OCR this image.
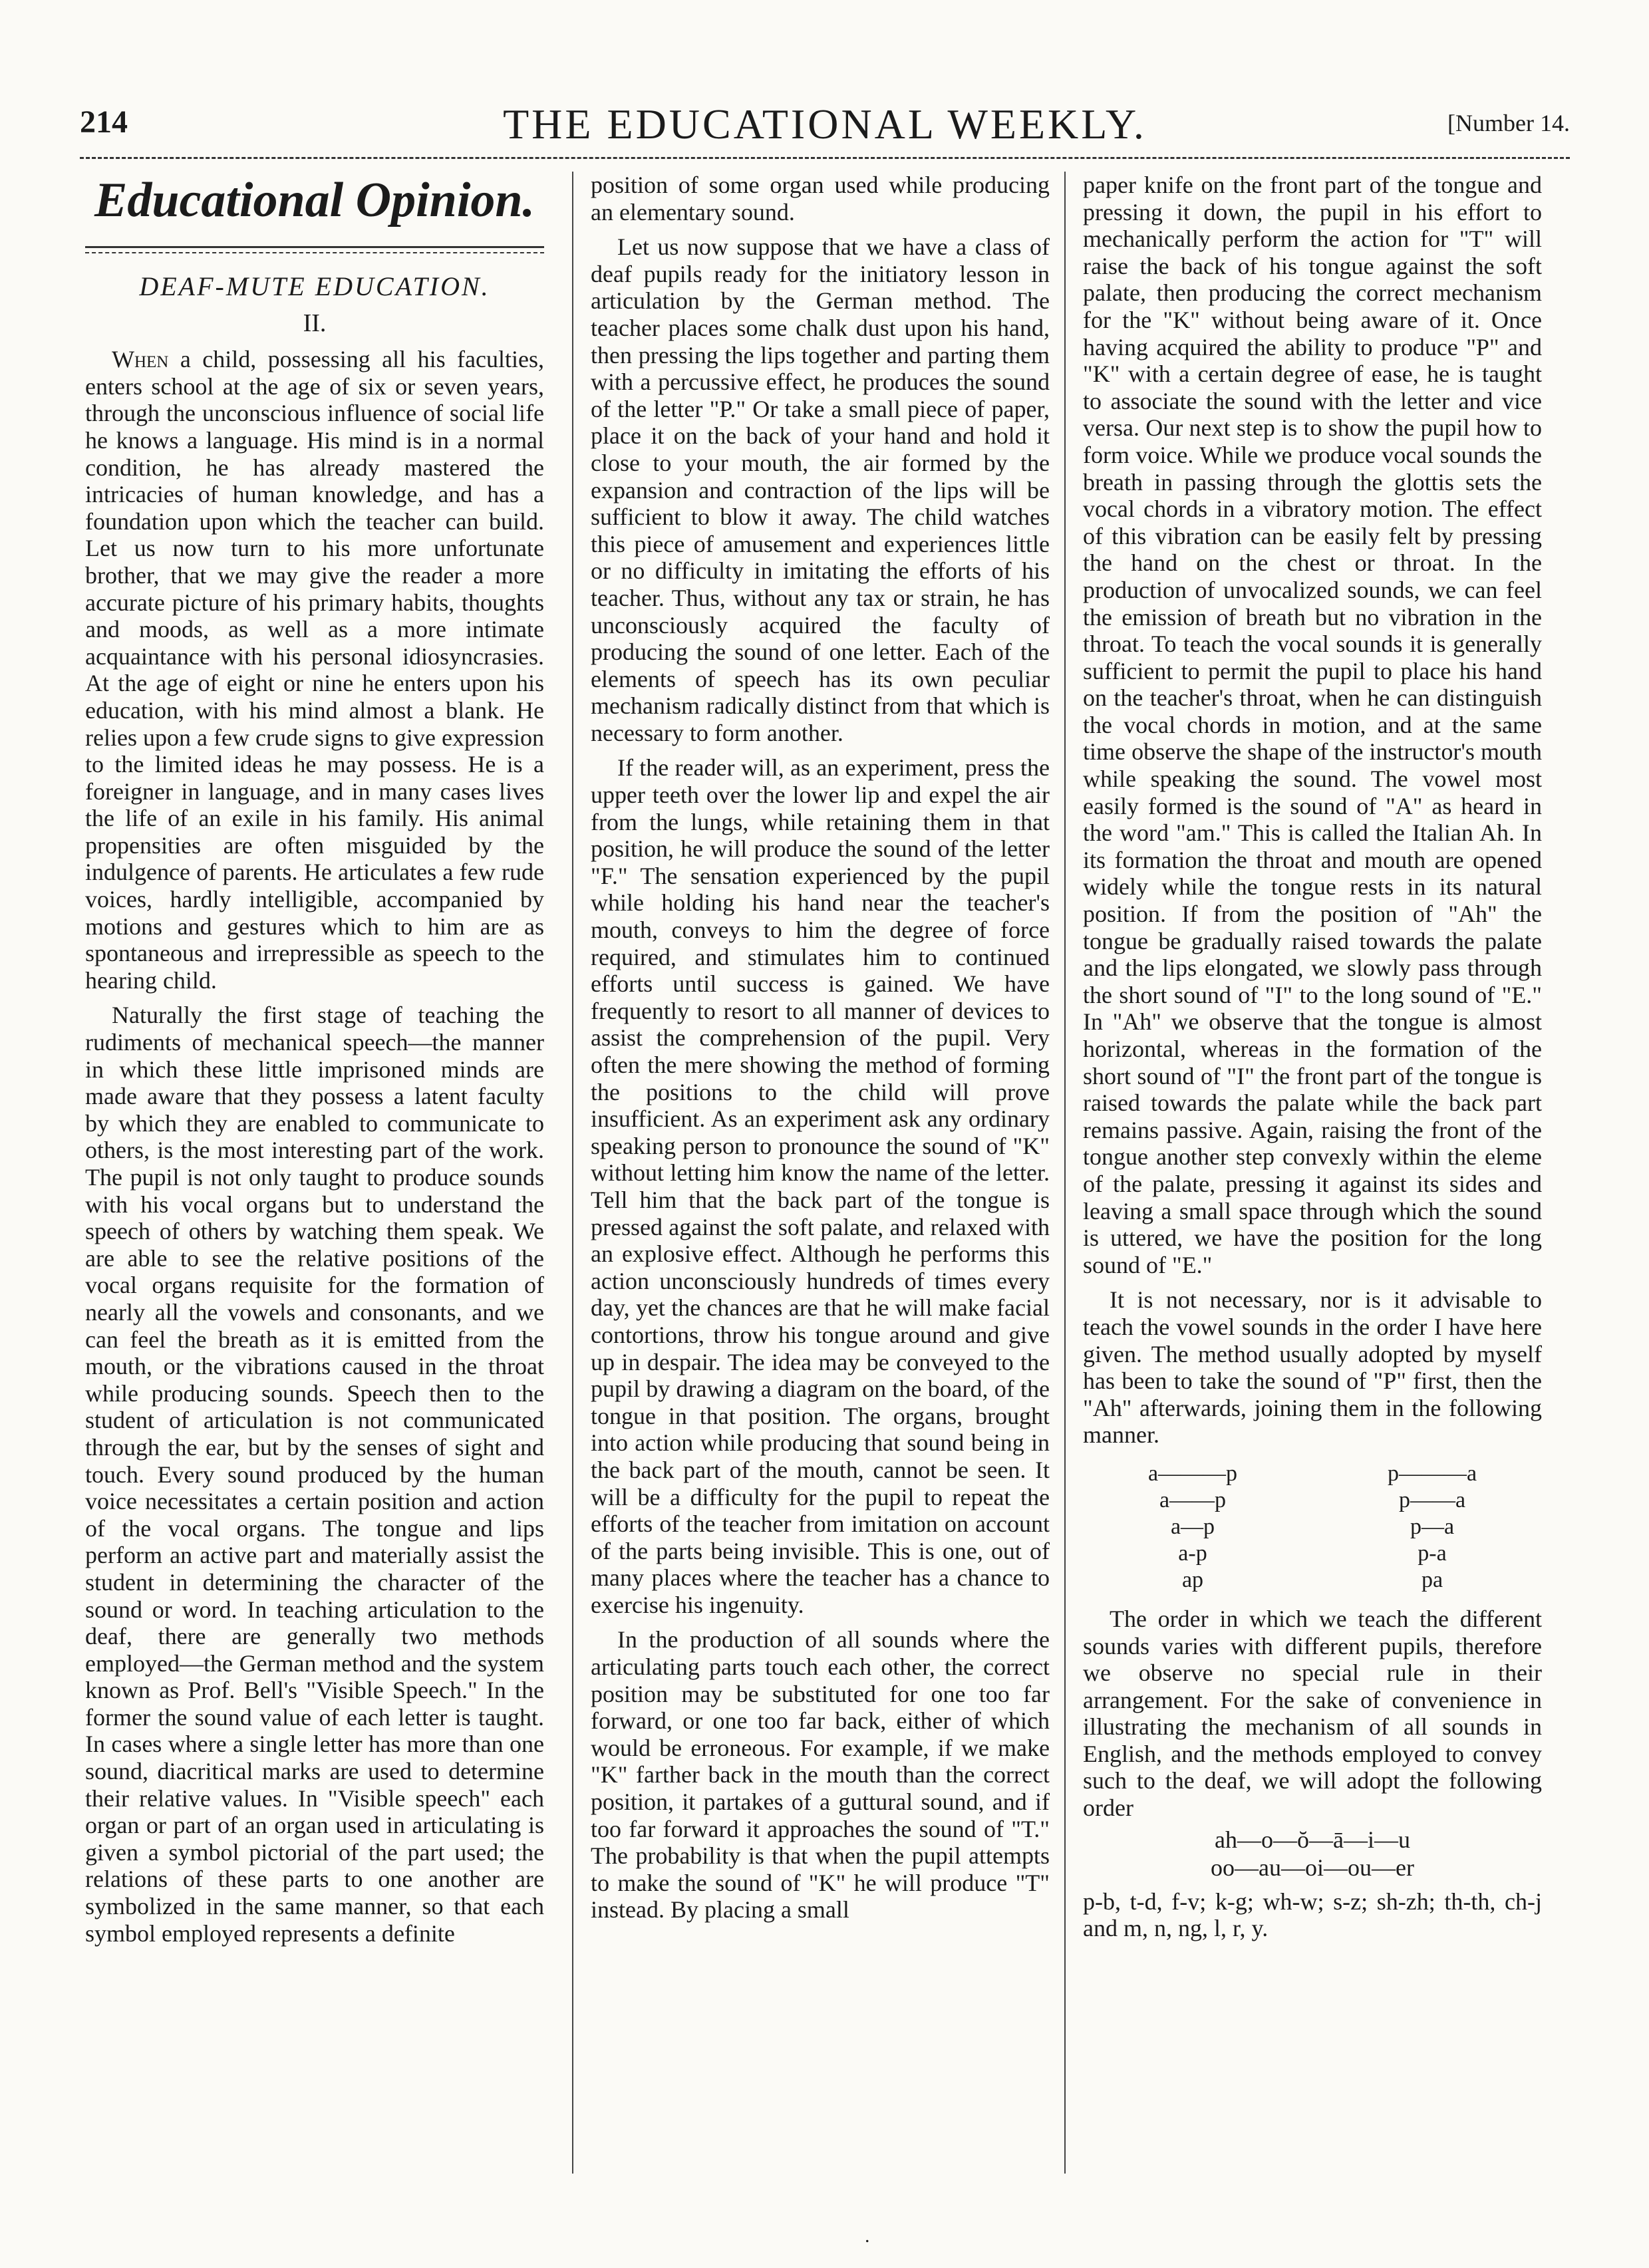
214	THE EDUCATIONAL WEEKLY.	[Number 14.
Educational Opinion.
DEAF-MUTE EDUCATION.
II.

When a child, possessing all his faculties, enters school at the age of six or seven years, through the unconscious influence of social life he knows a language. His mind is in a normal condition, he has already mastered the intricacies of human knowledge, and has a foundation upon which the teacher can build. Let us now turn to his more unfortunate brother, that we may give the reader a more accurate picture of his primary habits, thoughts and moods, as well as a more intimate acquaintance with his personal idiosyncrasies. At the age of eight or nine he enters upon his education, with his mind almost a blank. He relies upon a few crude signs to give expression to the limited ideas he may possess. He is a foreigner in language, and in many cases lives the life of an exile in his family. His animal propensities are often misguided by the indulgence of parents. He articulates a few rude voices, hardly intelligible, accompanied by motions and gestures which to him are as spontaneous and irrepressible as speech to the hearing child.

Naturally the first stage of teaching the rudiments of mechanical speech—the manner in which these little imprisoned minds are made aware that they possess a latent faculty by which they are enabled to communicate to others, is the most interesting part of the work. The pupil is not only taught to produce sounds with his vocal organs but to understand the speech of others by watching them speak. We are able to see the relative positions of the vocal organs requisite for the formation of nearly all the vowels and consonants, and we can feel the breath as it is emitted from the mouth, or the vibrations caused in the throat while producing sounds. Speech then to the student of articulation is not communicated through the ear, but by the senses of sight and touch. Every sound produced by the human voice necessitates a certain position and action of the vocal organs. The tongue and lips perform an active part and materially assist the student in determining the character of the sound or word. In teaching articulation to the deaf, there are generally two methods employed—the German method and the system known as Prof. Bell's "Visible Speech." In the former the sound value of each letter is taught. In cases where a single letter has more than one sound, diacritical marks are used to determine their relative values. In "Visible speech" each organ or part of an organ used in articulating is given a symbol pictorial of the part used; the relations of these parts to one another are symbolized in the same manner, so that each symbol employed represents a definite

position of some organ used while producing an elementary sound.

Let us now suppose that we have a class of deaf pupils ready for the initiatory lesson in articulation by the German method. The teacher places some chalk dust upon his hand, then pressing the lips together and parting them with a percussive effect, he produces the sound of the letter "P." Or take a small piece of paper, place it on the back of your hand and hold it close to your mouth, the air formed by the expansion and contraction of the lips will be sufficient to blow it away. The child watches this piece of amusement and experiences little or no difficulty in imitating the efforts of his teacher. Thus, without any tax or strain, he has unconsciously acquired the faculty of producing the sound of one letter. Each of the elements of speech has its own peculiar mechanism radically distinct from that which is necessary to form another.

If the reader will, as an experiment, press the upper teeth over the lower lip and expel the air from the lungs, while retaining them in that position, he will produce the sound of the letter "F." The sensation experienced by the pupil while holding his hand near the teacher's mouth, conveys to him the degree of force required, and stimulates him to continued efforts until success is gained. We have frequently to resort to all manner of devices to assist the comprehension of the pupil. Very often the mere showing the method of forming the positions to the child will prove insufficient. As an experiment ask any ordinary speaking person to pronounce the sound of "K" without letting him know the name of the letter. Tell him that the back part of the tongue is pressed against the soft palate, and relaxed with an explosive effect. Although he performs this action unconsciously hundreds of times every day, yet the chances are that he will make facial contortions, throw his tongue around and give up in despair. The idea may be conveyed to the pupil by drawing a diagram on the board, of the tongue in that position. The organs, brought into action while producing that sound being in the back part of the mouth, cannot be seen. It will be a difficulty for the pupil to repeat the efforts of the teacher from imitation on account of the parts being invisible. This is one, out of many places where the teacher has a chance to exercise his ingenuity.

In the production of all sounds where the articulating parts touch each other, the correct position may be substituted for one too far forward, or one too far back, either of which would be erroneous. For example, if we make "K" farther back in the mouth than the correct position, it partakes of a guttural sound, and if too far forward it approaches the sound of "T." The probability is that when the pupil attempts to make the sound of "K" he will produce "T" instead. By placing a small

paper knife on the front part of the tongue and pressing it down, the pupil in his effort to mechanically perform the action for "T" will raise the back of his tongue against the soft palate, then producing the correct mechanism for the "K" without being aware of it. Once having acquired the ability to produce "P" and "K" with a certain degree of ease, he is taught to associate the sound with the letter and vice versa. Our next step is to show the pupil how to form voice. While we produce vocal sounds the breath in passing through the glottis sets the vocal chords in a vibratory motion. The effect of this vibration can be easily felt by pressing the hand on the chest or throat. In the production of unvocalized sounds, we can feel the emission of breath but no vibration in the throat. To teach the vocal sounds it is generally sufficient to permit the pupil to place his hand on the teacher's throat, when he can distinguish the vocal chords in motion, and at the same time observe the shape of the instructor's mouth while speaking the sound. The vowel most easily formed is the sound of "A" as heard in the word "am." This is called the Italian Ah. In its formation the throat and mouth are opened widely while the tongue rests in its natural position. If from the position of "Ah" the tongue be gradually raised towards the palate and the lips elongated, we slowly pass through the short sound of "I" to the long sound of "E." In "Ah" we observe that the tongue is almost horizontal, whereas in the formation of the short sound of "I" the front part of the tongue is raised towards the palate while the back part remains passive. Again, raising the front of the tongue another step convexly within the eleme of the palate, pressing it against its sides and leaving a small space through which the sound is uttered, we have the position for the long sound of "E."

It is not necessary, nor is it advisable to teach the vowel sounds in the order I have here given. The method usually adopted by myself has been to take the sound of "P" first, then the "Ah" afterwards, joining them in the following manner.

a———p	p———a
a——p	p——a
a—p	p—a
a-p	p-a
ap	pa

The order in which we teach the different sounds varies with different pupils, therefore we observe no special rule in their arrangement. For the sake of convenience in illustrating the mechanism of all sounds in English, and the methods employed to convey such to the deaf, we will adopt the following order

ah—o—ŏ—ā—i—u
oo—au—oi—ou—er

p-b, t-d, f-v; k-g; wh-w; s-z; sh-zh; th-th, ch-j and m, n, ng, l, r, y.

.
